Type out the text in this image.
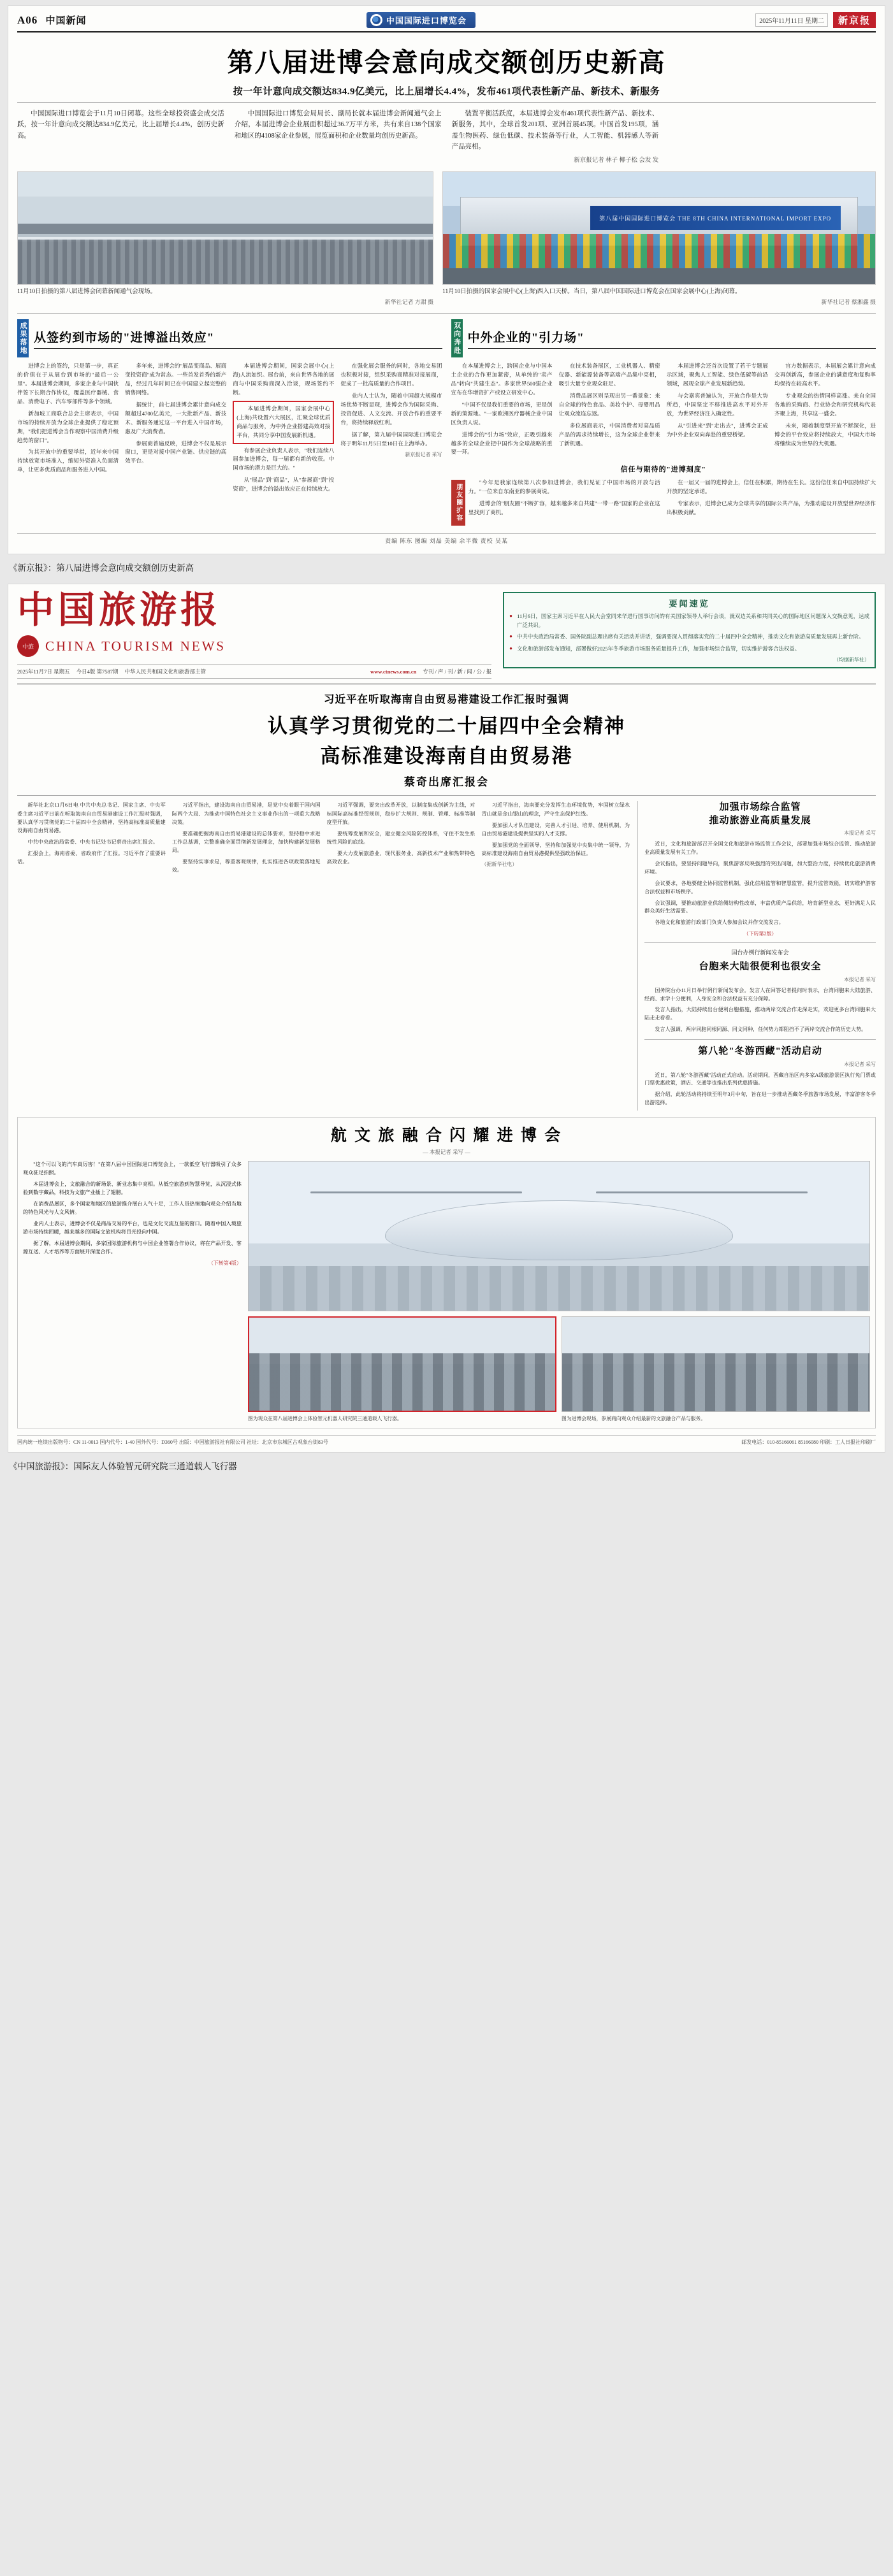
A06 中国新闻	中国国际进口博览会	2025年11月11日 星期二	新京报
第八届进博会意向成交额创历史新高
按一年计意向成交额达834.9亿美元，比上届增长4.4%，发布461项代表性新产品、新技术、新服务

中国国际进口博览会于11月10日闭幕。这些全球投资盛会成交活跃，按一年计意向成交额达834.9亿美元，比上届增长4.4%，创历史新高。

中国国际进口博览会局局长、副局长就本届进博会新闻通气会上介绍，本届进博会企业展面积超过36.7万平方米，共有来自138个国家和地区的4108家企业参展，展览面积和企业数量均创历史新高。

装置平衡活跃度，本届进博会发布461项代表性新产品、新技术、新服务，其中，全球首发201项、亚洲首展45项。中国首发195项，涵盖生物医药、绿色低碳、技术装备等行业，人工智能、机器感人等新产品亮相。

新京报记者 林子 椰子松 会发 发
11月10日拍摄的第八届进博会闭幕新闻通气会现场。
新华社记者 方甜 摄
第八届中国国际进口博览会 THE 8TH CHINA INTERNATIONAL IMPORT EXPO
11月10日拍摄的国家会展中心(上海)西入口天桥。当日，第八届中国国际进口博览会在国家会展中心(上海)闭幕。
新华社记者 蔡湘鑫 摄
成果落地 从签约到市场的"进博溢出效应"

进博会上的签约，只是第一步，真正的价值在于从展台到市场的"最后一公里"。本届进博会期间，多家企业与中国伙伴签下长期合作协议，覆盖医疗器械、食品、消费电子、汽车零部件等多个领域。

新加坡工商联合总会主席表示，中国市场的持续开放为全球企业提供了稳定预期，"我们把进博会当作观察中国消费升级趋势的窗口"。

为其开放中的重要举措，近年来中国持续放宽市场准入，缩短外资准入负面清单，让更多优质商品和服务进入中国。

多年来，进博会的"展品变商品、展商变投资商"成为常态。一些首发首秀的新产品，经过几年时间已在中国建立起完整的销售网络。

据统计，前七届进博会累计意向成交额超过4700亿美元，一大批新产品、新技术、新服务通过这一平台进入中国市场，惠及广大消费者。

参展商普遍反映，进博会不仅是展示窗口，更是对接中国产业链、供应链的高效平台。

本届进博会期间，国家会展中心(上海)人流如织。展台前，来自世界各地的展商与中国采购商深入洽谈，现场签约不断。

本届进博会期间，国家会展中心(上海)共设置六大展区，汇聚全球优质商品与服务，为中外企业搭建高效对接平台，共同分享中国发展新机遇。

有参展企业负责人表示，"我们连续八届参加进博会，每一届都有新的收获。中国市场的潜力是巨大的。"

从"展品"到"商品"，从"参展商"到"投资商"，进博会的溢出效应正在持续放大。

在强化展会服务的同时，各地交易团也积极对接，组织采购商精准对接展商，促成了一批高质量的合作项目。

业内人士认为，随着中国超大规模市场优势不断显现，进博会作为国际采购、投资促进、人文交流、开放合作的重要平台，将持续释放红利。

据了解，第九届中国国际进口博览会将于明年11月5日至10日在上海举办。

新京报记者 采写
双向奔赴 中外企业的"引力场"

在本届进博会上，跨国企业与中国本土企业的合作更加紧密，从单纯的"卖产品"转向"共建生态"。多家世界500强企业宣布在华增资扩产或设立研发中心。

"中国不仅是我们重要的市场，更是创新的策源地。"一家欧洲医疗器械企业中国区负责人说。

进博会的"引力场"效应，正吸引越来越多的全球企业把中国作为全球战略的重要一环。

在技术装备展区，工业机器人、精密仪器、新能源装备等高端产品集中亮相，吸引大量专业观众驻足。

消费品展区则呈现出另一番景象：来自全球的特色食品、美妆个护、母婴用品让观众流连忘返。

多位展商表示，中国消费者对高品质产品的需求持续增长，这为全球企业带来了新机遇。

本届进博会还首次设置了若干专题展示区域，聚焦人工智能、绿色低碳等前沿领域，展现全球产业发展新趋势。

与会嘉宾普遍认为，开放合作是大势所趋，中国坚定不移推进高水平对外开放，为世界经济注入确定性。

从"引进来"到"走出去"，进博会正成为中外企业双向奔赴的重要桥梁。

官方数据表示，本届展会累计意向成交再创新高，参展企业的满意度和复购率均保持在较高水平。

专业观众的热情同样高涨。来自全国各地的采购商、行业协会和研究机构代表齐聚上海，共享这一盛会。

未来，随着制度型开放不断深化，进博会的平台效应将持续放大，中国大市场将继续成为世界的大机遇。

信任与期待的"进博刻度"
朋友圈扩容

"今年是我家连续第八次参加进博会，我们见证了中国市场的开放与活力。"一位来自东南亚的参展商说。

进博会的"朋友圈"不断扩容，越来越多来自共建"一带一路"国家的企业在这里找到了商机。

在一届又一届的进博会上，信任在积累，期待在生长。这份信任来自中国持续扩大开放的坚定承诺。

专家表示，进博会已成为全球共享的国际公共产品，为推动建设开放型世界经济作出积极贡献。

责编 陈东 图编 刘晶 美编 余半微 责校 吴某
《新京报》：第八届进博会意向成交额创历史新高
中国旅游报
中旅 CHINA TOURISM NEWS
2025年11月7日 星期五 今日4版 第7587期 中华人民共和国文化和旅游部主管	www.ctnews.com.cn 专刊 / 声 / 刊 / 新 / 闻 / 公 / 报
要闻速览
● 11月6日，国家主席习近平在人民大会堂同来华进行国事访问的有关国家领导人举行会谈，就双边关系和共同关心的国际地区问题深入交换意见，达成广泛共识。
● 中共中央政治局常委、国务院副总理出席有关活动并讲话，强调要深入贯彻落实党的二十届四中全会精神，推动文化和旅游高质量发展再上新台阶。
● 文化和旅游部发布通知，部署做好2025年冬季旅游市场服务质量提升工作，加强市场综合监管，切实维护游客合法权益。
（均据新华社）
习近平在听取海南自由贸易港建设工作汇报时强调
认真学习贯彻党的二十届四中全会精神
高标准建设海南自由贸易港
蔡奇出席汇报会

新华社北京11月6日电 中共中央总书记、国家主席、中央军委主席习近平日前在听取海南自由贸易港建设工作汇报时强调，要认真学习贯彻党的二十届四中全会精神，坚持高标准高质量建设海南自由贸易港。

中共中央政治局常委、中央书记处书记蔡奇出席汇报会。

汇报会上，海南省委、省政府作了汇报。习近平作了重要讲话。

习近平指出，建设海南自由贸易港，是党中央着眼于国内国际两个大局、为推动中国特色社会主义事业作出的一项重大战略决策。

要准确把握海南自由贸易港建设的总体要求，坚持稳中求进工作总基调，完整准确全面贯彻新发展理念，加快构建新发展格局。

要坚持实事求是，尊重客观规律，扎实推进各项政策落地见效。

习近平强调，要突出改革开放，以制度集成创新为主线，对标国际高标准经贸规则，稳步扩大规则、规制、管理、标准等制度型开放。

要统筹发展和安全，建立健全风险防控体系，守住不发生系统性风险的底线。

要大力发展旅游业、现代服务业、高新技术产业和热带特色高效农业。

习近平指出，海南要充分发挥生态环境优势，牢固树立绿水青山就是金山银山的理念，严守生态保护红线。

要加强人才队伍建设，完善人才引进、培养、使用机制，为自由贸易港建设提供坚实的人才支撑。

要加强党的全面领导，坚持和加强党中央集中统一领导，为高标准建设海南自由贸易港提供坚强政治保证。

（据新华社电）

加强市场综合监管
推动旅游业高质量发展
本报记者 采写

近日，文化和旅游部召开全国文化和旅游市场监管工作会议，部署加强市场综合监管、推动旅游业高质量发展有关工作。

会议指出，要坚持问题导向，聚焦游客反映强烈的突出问题，加大整治力度，持续优化旅游消费环境。

会议要求，各地要健全协同监管机制，强化信用监管和智慧监管，提升监管效能，切实维护游客合法权益和市场秩序。

会议强调，要推动旅游业供给侧结构性改革，丰富优质产品供给，培育新型业态，更好满足人民群众美好生活需要。

各地文化和旅游行政部门负责人参加会议并作交流发言。

（下转第2版）
国台办例行新闻发布会
台胞来大陆很便利也很安全
本报记者 采写

国务院台办11月日举行例行新闻发布会。发言人在回答记者提问时表示，台湾同胞来大陆旅游、经商、求学十分便利，人身安全和合法权益有充分保障。

发言人指出，大陆持续出台便利台胞措施，推动两岸交流合作走深走实，欢迎更多台湾同胞来大陆走走看看。

发言人强调，两岸同胞同根同源、同文同种，任何势力都阻挡不了两岸交流合作的历史大势。

第八轮"冬游西藏"活动启动
本报记者 采写

近日，第八轮"冬游西藏"活动正式启动。活动期间，西藏自治区内多家A级旅游景区执行免门票或门票优惠政策，酒店、交通等也推出系列优惠措施。

据介绍，此轮活动将持续至明年3月中旬，旨在进一步推动西藏冬季旅游市场发展，丰富游客冬季出游选择。

航 文 旅 融 合 闪 耀 进 博 会
— 本报记者 采写 —

"这个可以飞的汽车真厉害！"在第八届中国国际进口博览会上，一款低空飞行器吸引了众多观众驻足拍照。

本届进博会上，文旅融合的新场景、新业态集中亮相。从低空旅游到智慧导览，从沉浸式体验到数字藏品，科技为文旅产业插上了翅膀。

在消费品展区，多个国家和地区的旅游推介展台人气十足，工作人员热情地向观众介绍当地的特色风光与人文风情。

业内人士表示，进博会不仅是商品交易的平台，也是文化交流互鉴的窗口。随着中国入境旅游市场持续回暖，越来越多的国际文旅机构将目光投向中国。

据了解，本届进博会期间，多家国际旅游机构与中国企业签署合作协议，将在产品开发、客源互送、人才培养等方面展开深度合作。

（下转第4版）
图为观众在第八届进博会上体验智元机器人研究院三通道载人飞行器。	图为进博会现场，参展商向观众介绍最新的文旅融合产品与服务。
国内统一连续出版物号：CN 11-0013 国内代号：1-40 国外代号：D360号 出版：中国旅游报社有限公司 社址：北京市东城区古观象台街83号	邮发电话：010-85166061 85166080 印刷：工人日报社印刷厂
《中国旅游报》：国际友人体验智元研究院三通道载人飞行器
